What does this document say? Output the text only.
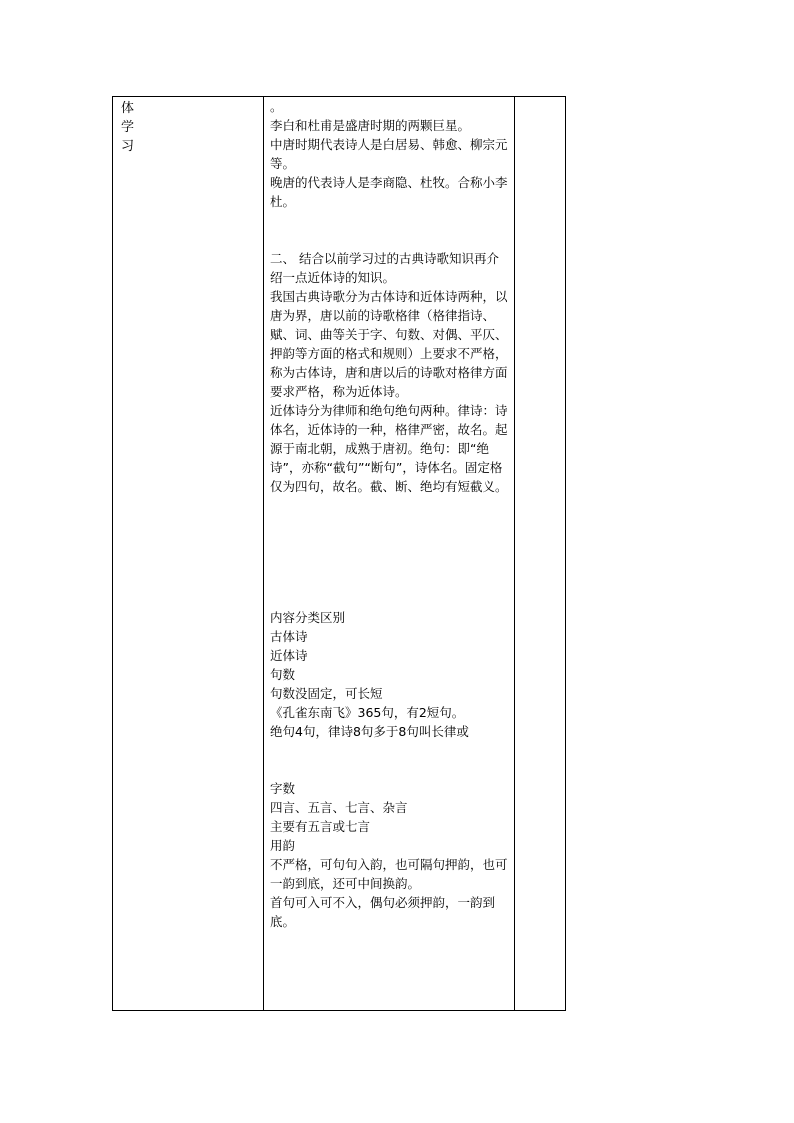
体
学
习

。

李白和杜甫是盛唐时期的两颗巨星。

中唐时期代表诗人是白居易、韩愈、柳宗元等。

晚唐的代表诗人是李商隐、杜牧。合称小李杜。

二、 结合以前学习过的古典诗歌知识再介绍一点近体诗的知识。

我国古典诗歌分为古体诗和近体诗两种，以唐为界，唐以前的诗歌格律（格律指诗、赋、词、曲等关于字、句数、对偶、平仄、押韵等方面的格式和规则）上要求不严格，称为古体诗，唐和唐以后的诗歌对格律方面要求严格，称为近体诗。

近体诗分为律师和绝句绝句两种。律诗：诗体名，近体诗的一种，格律严密，故名。起源于南北朝，成熟于唐初。绝句：即“绝诗”，亦称“截句”“断句”，诗体名。固定格仅为四句，故名。截、断、绝均有短截义。

内容分类区别

古体诗

近体诗

句数

句数没固定，可长短

《孔雀东南飞》365句，有2短句。

绝句4句，律诗8句多于8句叫长律或

字数

四言、五言、七言、杂言

主要有五言或七言

用韵

不严格，可句句入韵，也可隔句押韵，也可一韵到底，还可中间换韵。

首句可入可不入，偶句必须押韵，一韵到底。
